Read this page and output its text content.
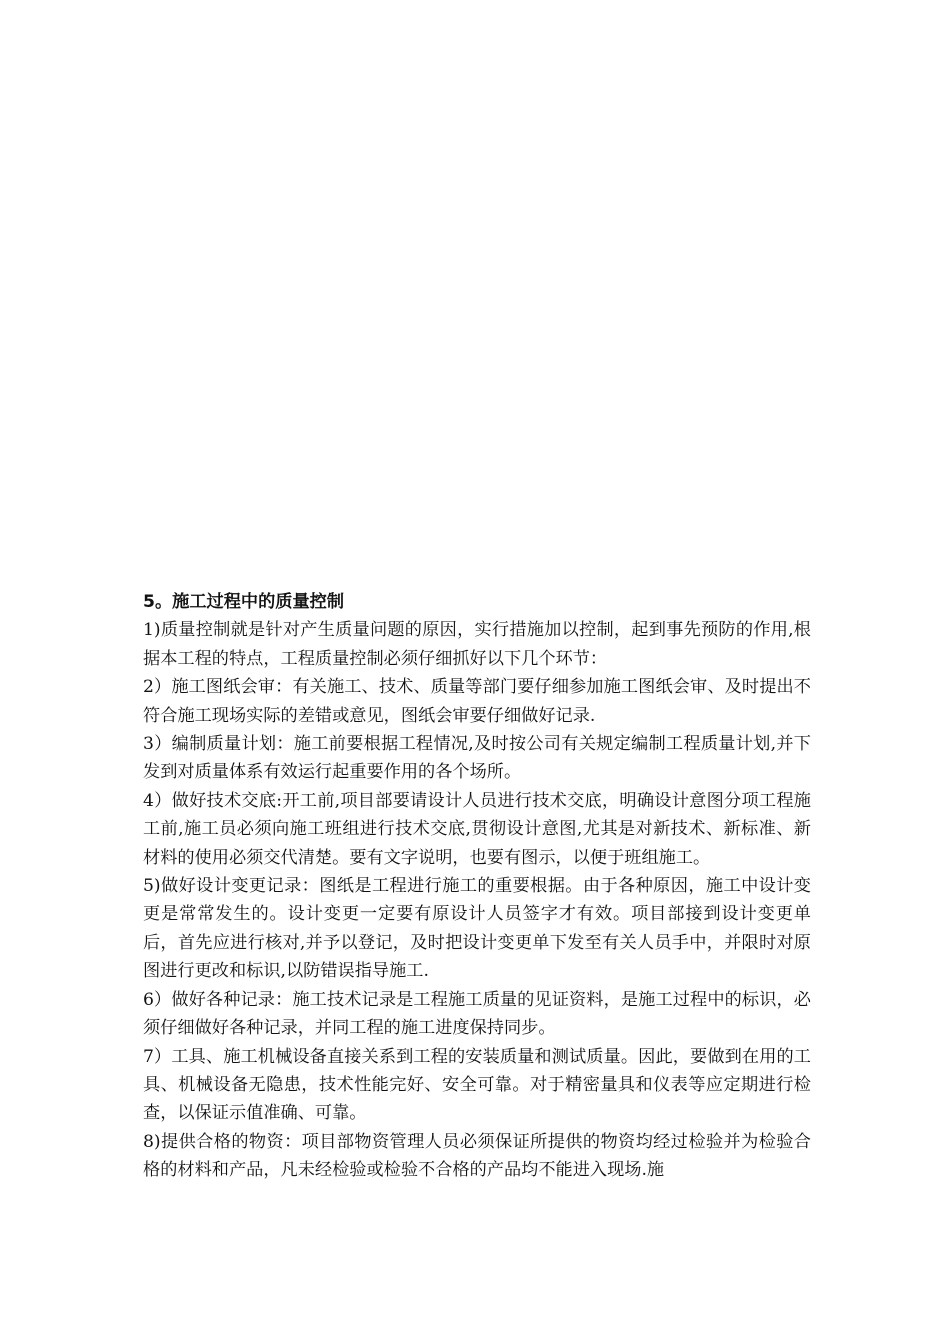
5。施工过程中的质量控制

1)质量控制就是针对产生质量问题的原因，实行措施加以控制，起到事先预防的作用,根据本工程的特点，工程质量控制必须仔细抓好以下几个环节：

2）施工图纸会审：有关施工、技术、质量等部门要仔细参加施工图纸会审、及时提出不符合施工现场实际的差错或意见，图纸会审要仔细做好记录.

3）编制质量计划：施工前要根据工程情况,及时按公司有关规定编制工程质量计划,并下发到对质量体系有效运行起重要作用的各个场所。

4）做好技术交底:开工前,项目部要请设计人员进行技术交底，明确设计意图分项工程施工前,施工员必须向施工班组进行技术交底,贯彻设计意图,尤其是对新技术、新标准、新材料的使用必须交代清楚。要有文字说明，也要有图示，以便于班组施工。

5)做好设计变更记录：图纸是工程进行施工的重要根据。由于各种原因，施工中设计变更是常常发生的。设计变更一定要有原设计人员签字才有效。项目部接到设计变更单后，首先应进行核对,并予以登记，及时把设计变更单下发至有关人员手中，并限时对原图进行更改和标识,以防错误指导施工.

6）做好各种记录：施工技术记录是工程施工质量的见证资料，是施工过程中的标识，必须仔细做好各种记录，并同工程的施工进度保持同步。

7）工具、施工机械设备直接关系到工程的安装质量和测试质量。因此，要做到在用的工具、机械设备无隐患，技术性能完好、安全可靠。对于精密量具和仪表等应定期进行检查，以保证示值准确、可靠。

8)提供合格的物资：项目部物资管理人员必须保证所提供的物资均经过检验并为检验合格的材料和产品，凡未经检验或检验不合格的产品均不能进入现场.施
